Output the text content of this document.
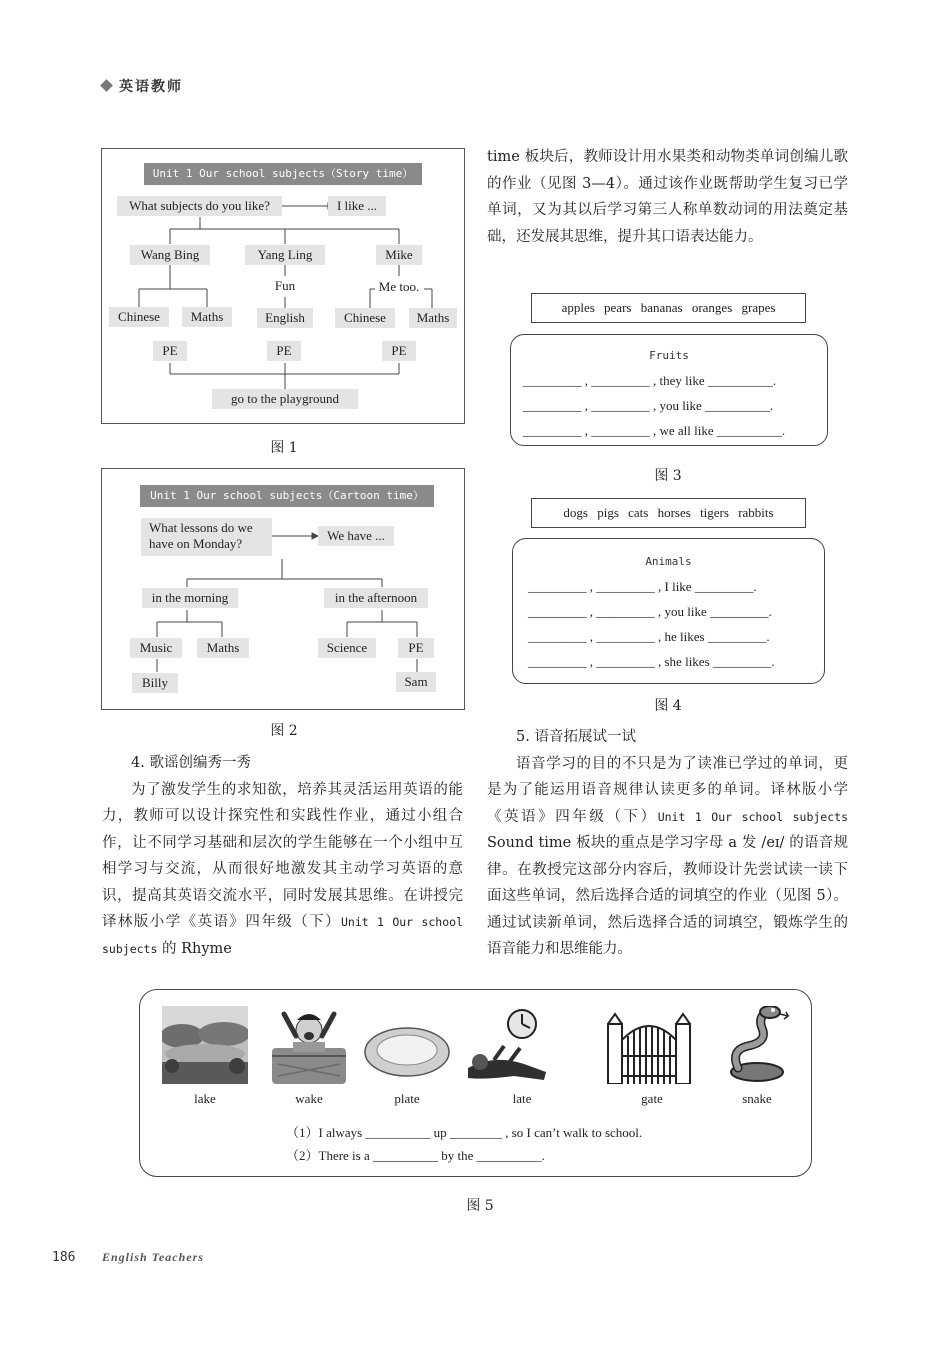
英语教师
Unit 1 Our school subjects（Story time）
What subjects do you like?	I like ...
Wang Bing	Yang Ling	Mike
Fun	Me too.
Chinese	Maths	English	Chinese	Maths
PE	PE	PE
go to the playground
图 1
Unit 1 Our school subjects（Cartoon time）
What lessons do we have on Monday?
We have ...
in the morning	in the afternoon
Music	Maths	Science	PE
Billy	Sam
图 2

4. 歌谣创编秀一秀

为了激发学生的求知欲，培养其灵活运用英语的能力，教师可以设计探究性和实践性作业，通过小组合作，让不同学习基础和层次的学生能够在一个小组中互相学习与交流，从而很好地激发其主动学习英语的意识，提高其英语交流水平，同时发展其思维。在讲授完译林版小学《英语》四年级（下）Unit 1 Our school subjects 的 Rhyme

time 板块后，教师设计用水果类和动物类单词创编儿歌的作业（见图 3—4）。通过该作业既帮助学生复习已学单词，又为其以后学习第三人称单数动词的用法奠定基础，还发展其思维，提升其口语表达能力。

apples pears bananas oranges grapes
Fruits
_________ , _________ , they like __________.
_________ , _________ , you like __________.
_________ , _________ , we all like __________.
图 3
dogs pigs cats horses tigers rabbits
Animals
_________ , _________ , I like _________.
_________ , _________ , you like _________.
_________ , _________ , he likes _________.
_________ , _________ , she likes _________.
图 4

5. 语音拓展试一试

语音学习的目的不只是为了读准已学过的单词，更是为了能运用语音规律认读更多的单词。译林版小学《英语》四年级（下）Unit 1 Our school subjects Sound time 板块的重点是学习字母 a 发 /eɪ/ 的语音规律。在教授完这部分内容后，教师设计先尝试读一读下面这些单词，然后选择合适的词填空的作业（见图 5）。通过试读新单词，然后选择合适的词填空，锻炼学生的语音能力和思维能力。

lake	wake	plate	late	gate	snake
（1）I always __________ up ________ , so I can’t walk to school.
（2）There is a __________ by the __________.
图 5
186 English Teachers
